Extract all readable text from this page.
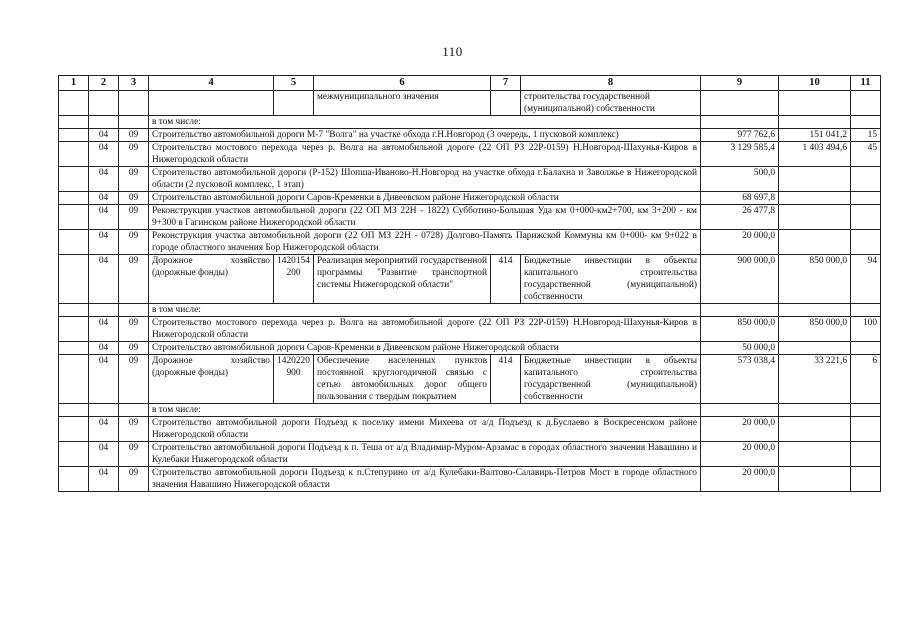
110
1	2	3	4	5	6	7	8	9	10	11
					межмуниципального значения		строительства государственной (муниципальной) собственности			
			в том числе:							
	04	09	Строительство автомобильной дороги М-7 "Волга" на участке обхода г.Н.Новгород (3 очередь, 1 пусковой комплекс)					977 762,6	151 041,2	15
	04	09	Строительство мостового перехода через р. Волга на автомобильной дороге (22 ОП РЗ 22Р-0159) Н.Новгород-Шахунья-Киров в Нижегородской области					3 129 585,4	1 403 494,6	45
	04	09	Строительство автомобильной дороги (Р-152) Шопша-Иваново-Н.Новгород на участке обхода г.Балахна и Заволжье в Нижегородской области (2 пусковой комплекс, 1 этап)					500,0		
	04	09	Строительство автомобильной дороги Саров-Кременки в Дивеевском районе Нижегородской области					68 697,8		
	04	09	Реконструкция участков автомобильной дороги (22 ОП МЗ 22Н - 1822) Субботино-Большая Уда км 0+000-км2+700, км 3+200 - км 9+300 в Гагинском районе Нижегородской области					26 477,8		
	04	09	Реконструкция участка автомобильной дороги (22 ОП МЗ 22Н - 0728) Долгово-Память Парижской Коммуны км 0+000- км 9+022 в городе областного значения Бор Нижегородской области					20 000,0		
	04	09	Дорожное хозяйство (дорожные фонды)	1420154200	Реализация мероприятий государственной программы "Развитие транспортной системы Нижегородской области"	414	Бюджетные инвестиции в объекты капитального строительства государственной (муниципальной) собственности	900 000,0	850 000,0	94
			в том числе:							
	04	09	Строительство мостового перехода через р. Волга на автомобильной дороге (22 ОП РЗ 22Р-0159) Н.Новгород-Шахунья-Киров в Нижегородской области					850 000,0	850 000,0	100
	04	09	Строительство автомобильной дороги Саров-Кременки в Дивеевском районе Нижегородской области					50 000,0		
	04	09	Дорожное хозяйство (дорожные фонды)	1420220900	Обеспечение населенных пунктов постоянной круглогодичной связью с сетью автомобильных дорог общего пользования с твердым покрытием	414	Бюджетные инвестиции в объекты капитального строительства государственной (муниципальной) собственности	573 038,4	33 221,6	6
			в том числе:							
	04	09	Строительство автомобильной дороги Подъезд к поселку имени Михеева от а/д Подъезд к д.Буслаево в Воскресенском районе Нижегородской области					20 000,0		
	04	09	Строительство автомобильной дороги Подъезд к п. Теша от а/д Владимир-Муром-Арзамас в городах областного значения Навашино и Кулебаки Нижегородской области					20 000,0		
	04	09	Строительство автомобильной дороги Подъезд к п.Степурино от а/д Кулебаки-Валтово-Салавирь-Петров Мост в городе областного значения Навашино Нижегородской области					20 000,0		
